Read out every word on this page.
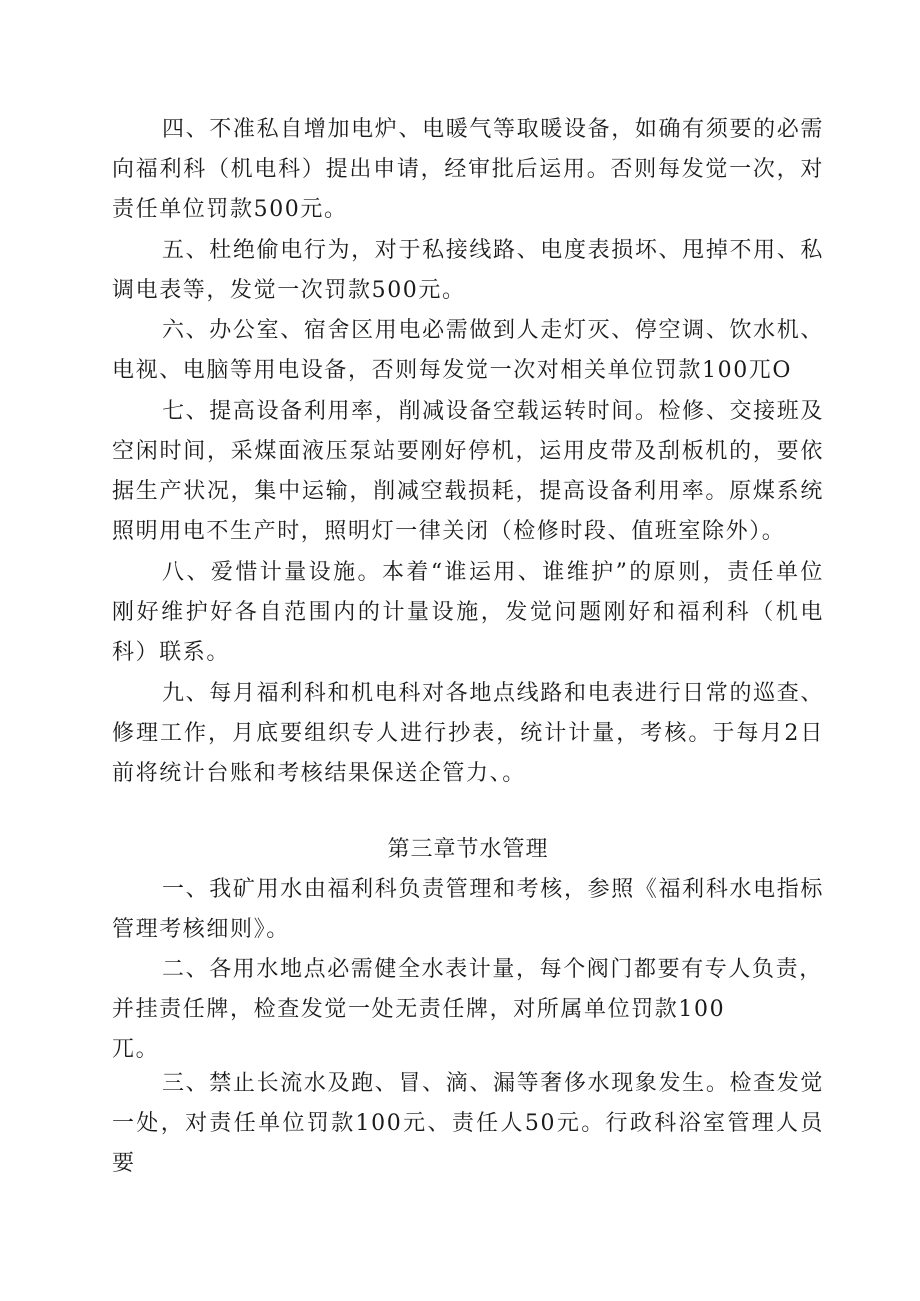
四、不准私自增加电炉、电暖气等取暖设备，如确有须要的必需向福利科（机电科）提出申请，经审批后运用。否则每发觉一次，对责任单位罚款500元。

五、杜绝偷电行为，对于私接线路、电度表损坏、甩掉不用、私调电表等，发觉一次罚款500元。

六、办公室、宿舍区用电必需做到人走灯灭、停空调、饮水机、电视、电脑等用电设备，否则每发觉一次对相关单位罚款100兀O

七、提高设备利用率，削减设备空载运转时间。检修、交接班及空闲时间，采煤面液压泵站要刚好停机，运用皮带及刮板机的，要依据生产状况，集中运输，削减空载损耗，提高设备利用率。原煤系统照明用电不生产时，照明灯一律关闭（检修时段、值班室除外）。

八、爱惜计量设施。本着“谁运用、谁维护”的原则，责任单位刚好维护好各自范围内的计量设施，发觉问题刚好和福利科（机电科）联系。

九、每月福利科和机电科对各地点线路和电表进行日常的巡查、修理工作，月底要组织专人进行抄表，统计计量，考核。于每月2日前将统计台账和考核结果保送企管力、。

第三章节水管理

一、我矿用水由福利科负责管理和考核，参照《福利科水电指标管理考核细则》。

二、各用水地点必需健全水表计量，每个阀门都要有专人负责，
并挂责任牌，检查发觉一处无责任牌，对所属单位罚款100
兀。

三、禁止长流水及跑、冒、滴、漏等奢侈水现象发生。检查发觉一处，对责任单位罚款100元、责任人50元。行政科浴室管理人员要
